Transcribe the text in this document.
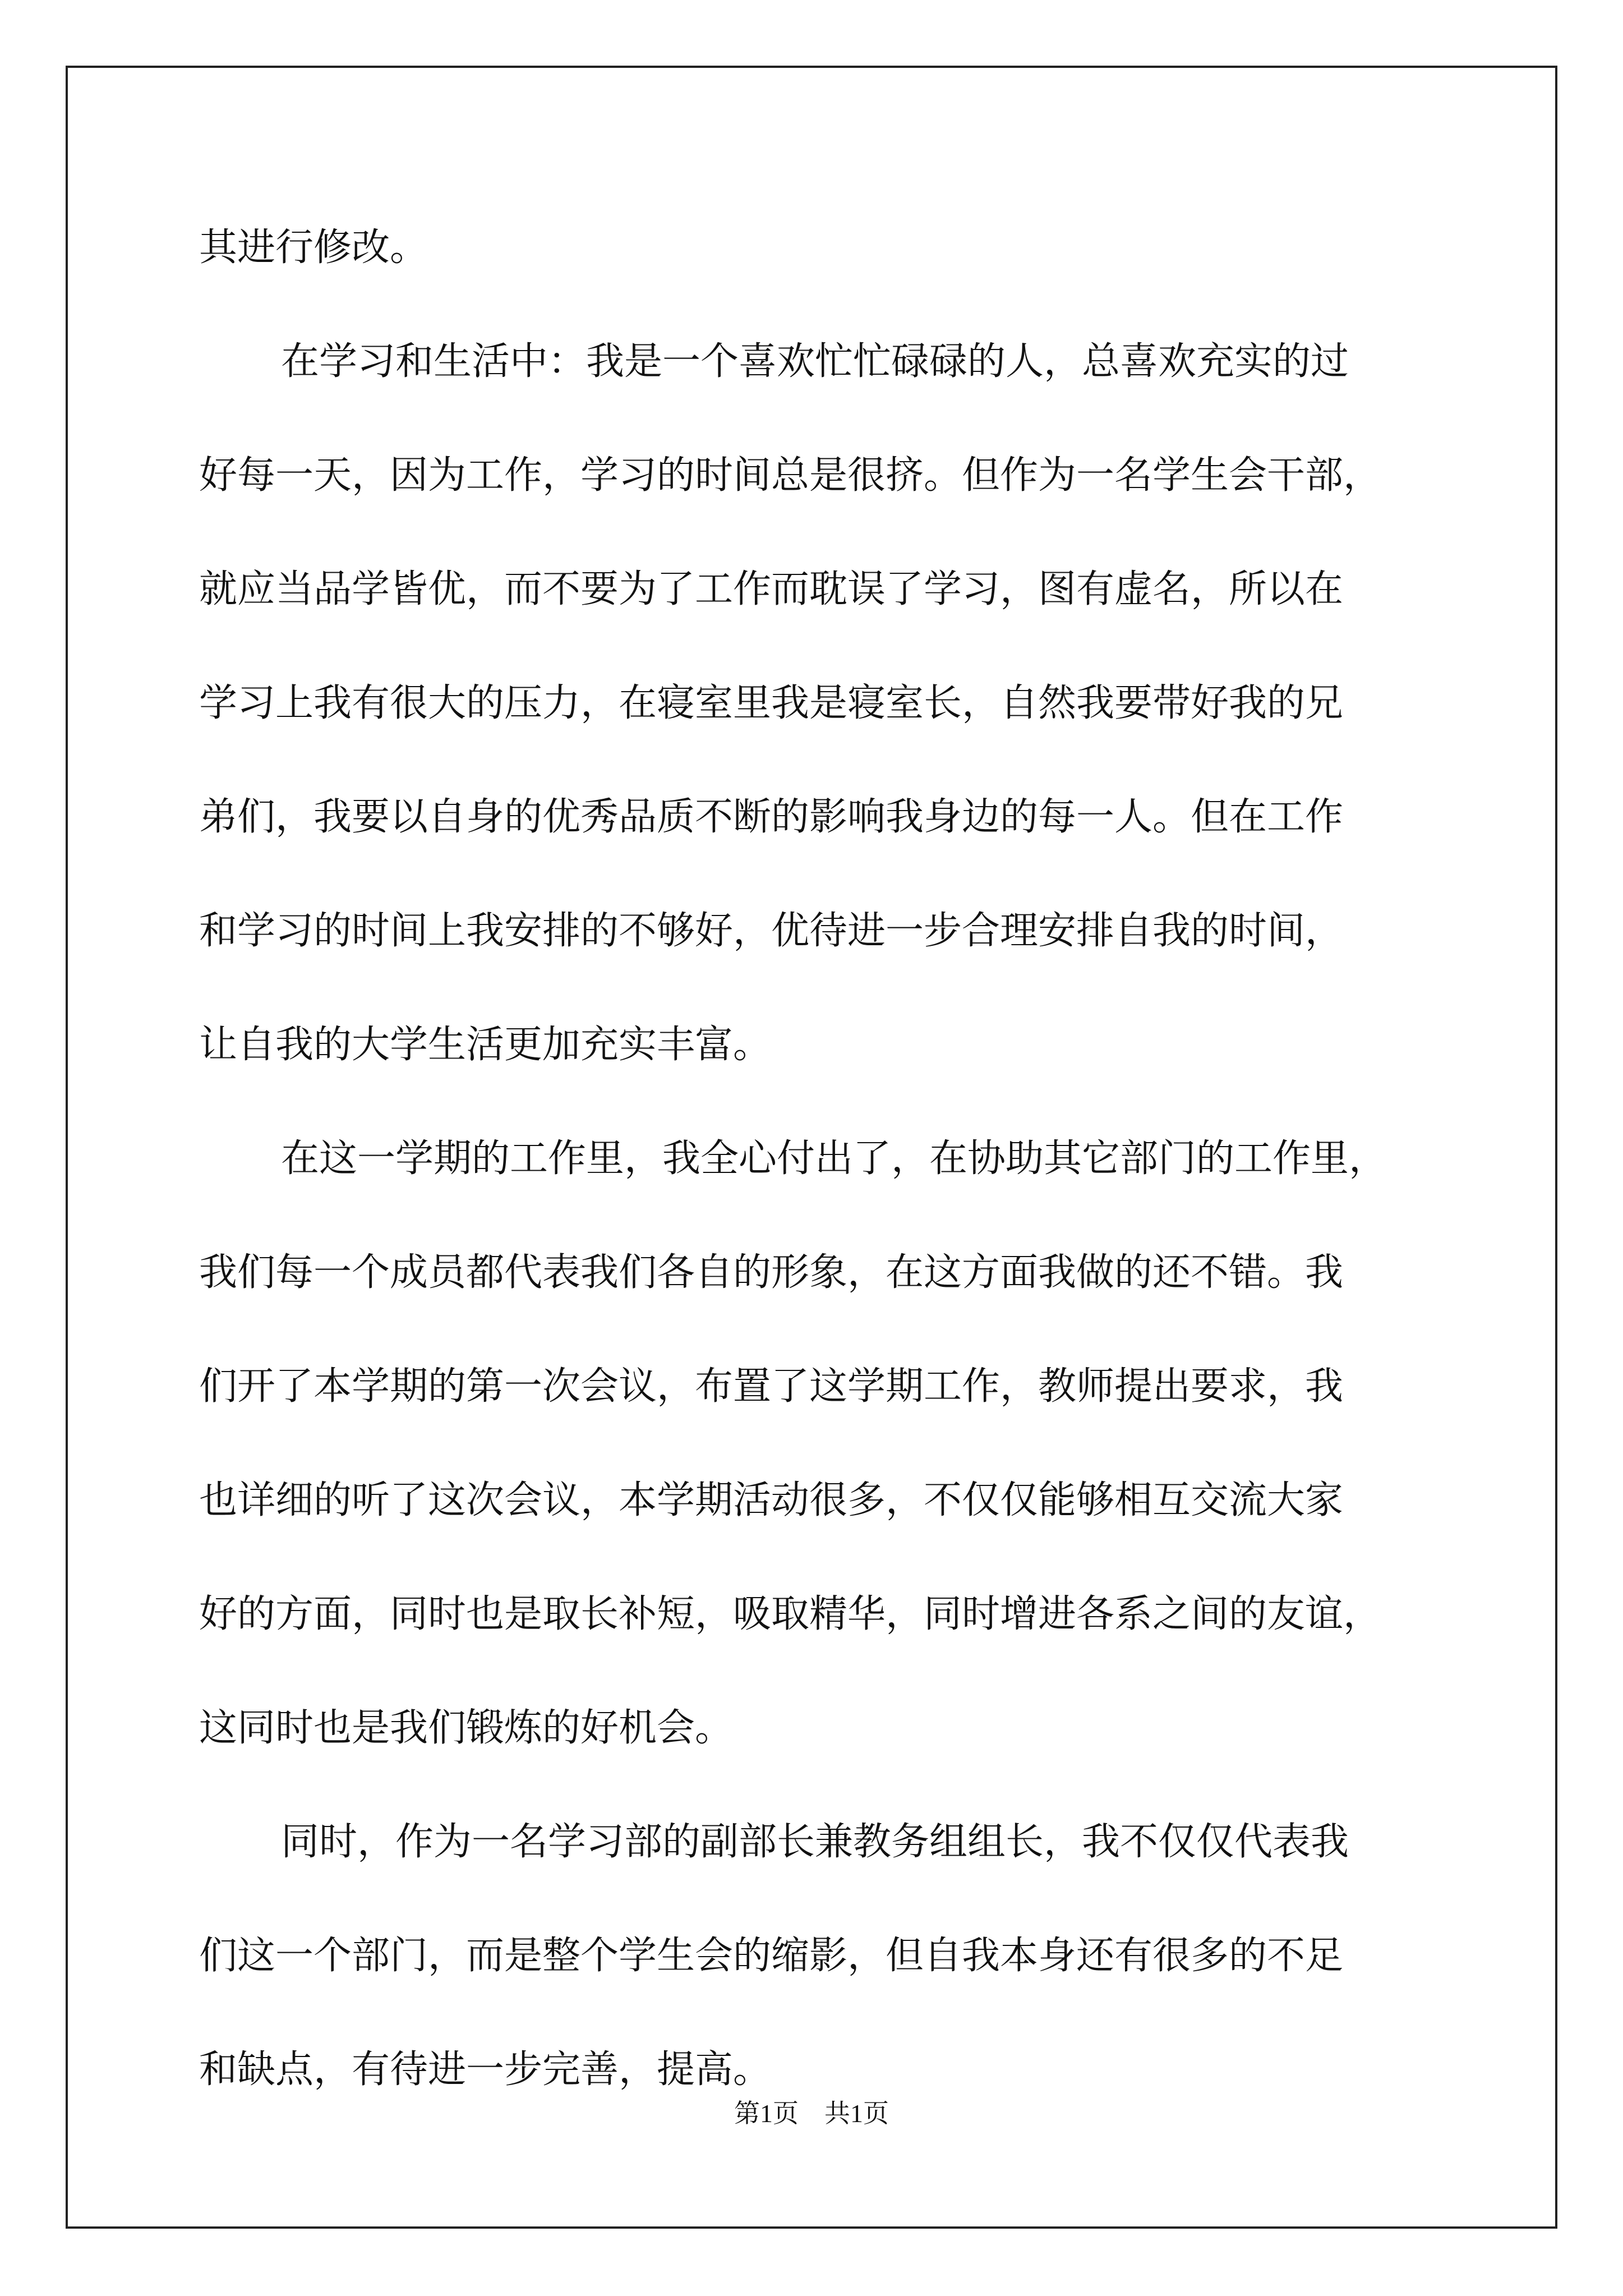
其进行修改。
在学习和生活中：我是一个喜欢忙忙碌碌的人，总喜欢充实的过
好每一天，因为工作，学习的时间总是很挤。但作为一名学生会干部，
就应当品学皆优，而不要为了工作而耽误了学习，图有虚名，所以在
学习上我有很大的压力，在寝室里我是寝室长，自然我要带好我的兄
弟们，我要以自身的优秀品质不断的影响我身边的每一人。但在工作
和学习的时间上我安排的不够好，优待进一步合理安排自我的时间，
让自我的大学生活更加充实丰富。
在这一学期的工作里，我全心付出了，在协助其它部门的工作里，
我们每一个成员都代表我们各自的形象，在这方面我做的还不错。我
们开了本学期的第一次会议，布置了这学期工作，教师提出要求，我
也详细的听了这次会议，本学期活动很多，不仅仅能够相互交流大家
好的方面，同时也是取长补短，吸取精华，同时增进各系之间的友谊，
这同时也是我们锻炼的好机会。
同时，作为一名学习部的副部长兼教务组组长，我不仅仅代表我
们这一个部门，而是整个学生会的缩影，但自我本身还有很多的不足
和缺点，有待进一步完善，提高。
第1页 共1页
